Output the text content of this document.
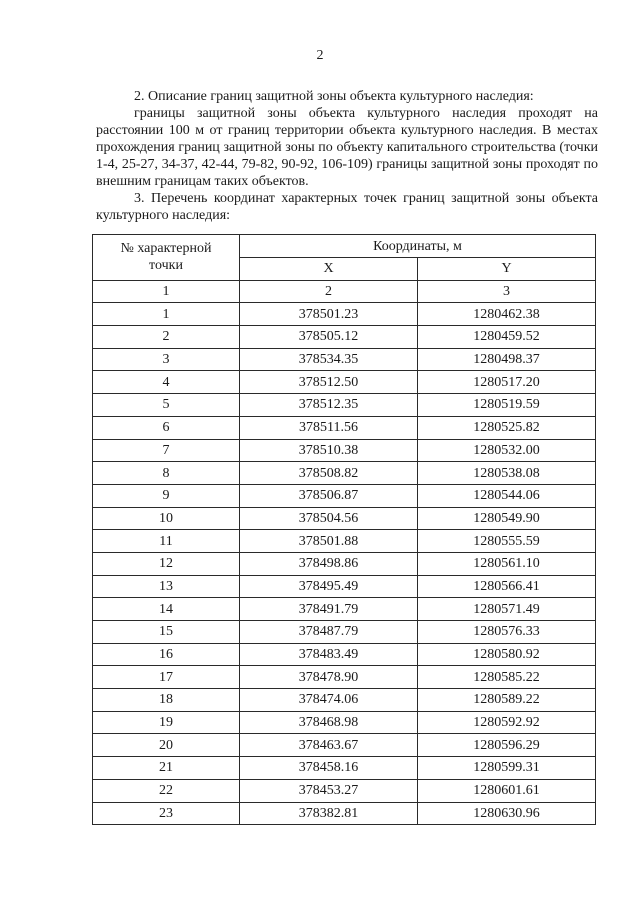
2

2. Описание границ защитной зоны объекта культурного наследия:

границы защитной зоны объекта культурного наследия проходят на расстоянии 100 м от границ территории объекта культурного наследия. В местах прохождения границ защитной зоны по объекту капитального строительства (точки 1-4, 25-27, 34-37, 42-44, 79-82, 90-92, 106-109) границы защитной зоны проходят по внешним границам таких объектов.

3. Перечень координат характерных точек границ защитной зоны объекта культурного наследия:

№ характерной
точки	Координаты, м	
	X	Y
1	2	3
1	378501.23	1280462.38
2	378505.12	1280459.52
3	378534.35	1280498.37
4	378512.50	1280517.20
5	378512.35	1280519.59
6	378511.56	1280525.82
7	378510.38	1280532.00
8	378508.82	1280538.08
9	378506.87	1280544.06
10	378504.56	1280549.90
11	378501.88	1280555.59
12	378498.86	1280561.10
13	378495.49	1280566.41
14	378491.79	1280571.49
15	378487.79	1280576.33
16	378483.49	1280580.92
17	378478.90	1280585.22
18	378474.06	1280589.22
19	378468.98	1280592.92
20	378463.67	1280596.29
21	378458.16	1280599.31
22	378453.27	1280601.61
23	378382.81	1280630.96
